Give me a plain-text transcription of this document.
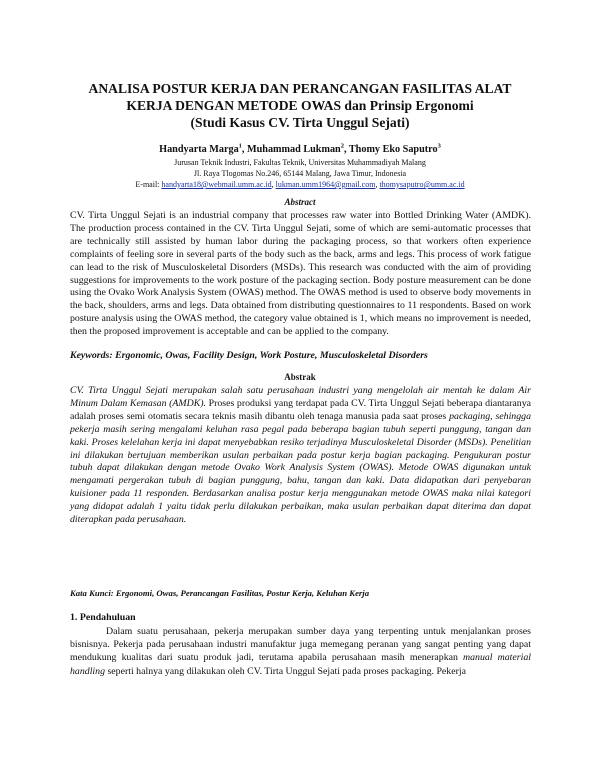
ANALISA POSTUR KERJA DAN PERANCANGAN FASILITAS ALAT
KERJA DENGAN METODE OWAS dan Prinsip Ergonomi
(Studi Kasus CV. Tirta Unggul Sejati)
Handyarta Marga$^1$, Muhammad Lukman$^2$, Thomy Eko Saputro$^3$
Jurusan Teknik Industri, Fakultas Teknik, Universitas Muhammadiyah Malang
Jl. Raya Tlogomas No.246, 65144 Malang, Jawa Timur, Indonesia
E-mail: handyarta18@webmail.umm.ac.id, lukman.umm1964@gmail.com, thomysaputro@umm.ac.id
Abstract
CV. Tirta Unggul Sejati is an industrial company that processes raw water into Bottled Drinking Water (AMDK). The production process contained in the CV. Tirta Unggul Sejati, some of which are semi-automatic processes that are technically still assisted by human labor during the packaging process, so that workers often experience complaints of feeling sore in several parts of the body such as the back, arms and legs. This process of work fatigue can lead to the risk of Musculoskeletal Disorders (MSDs). This research was conducted with the aim of providing suggestions for improvements to the work posture of the packaging section. Body posture measurement can be done using the Ovako Work Analysis System (OWAS) method. The OWAS method is used to observe body movements in the back, shoulders, arms and legs. Data obtained from distributing questionnaires to 11 respondents. Based on work posture analysis using the OWAS method, the category value obtained is 1, which means no improvement is needed, then the proposed improvement is acceptable and can be applied to the company.
Keywords: Ergonomic, Owas, Facility Design, Work Posture, Musculoskeletal Disorders
Abstrak
CV. Tirta Unggul Sejati merupakan salah satu perusahaan industri yang mengelolah air mentah ke dalam Air Minum Dalam Kemasan (AMDK). Proses produksi yang terdapat pada CV. Tirta Unggul Sejati beberapa diantaranya adalah proses semi otomatis secara teknis masih dibantu oleh tenaga manusia pada saat proses packaging, sehingga pekerja masih sering mengalami keluhan rasa pegal pada beberapa bagian tubuh seperti punggung, tangan dan kaki. Proses kelelahan kerja ini dapat menyebabkan resiko terjadinya Musculoskeletal Disorder (MSDs). Penelitian ini dilakukan bertujuan memberikan usulan perbaikan pada postur kerja bagian packaging. Pengukuran postur tubuh dapat dilakukan dengan metode Ovako Work Analysis System (OWAS). Metode OWAS digunakan untuk mengamati pergerakan tubuh di bagian punggung, bahu, tangan dan kaki. Data didapatkan dari penyebaran kuisioner pada 11 responden. Berdasarkan analisa postur kerja menggunakan metode OWAS maka nilai kategori yang didapat adalah 1 yaitu tidak perlu dilakukan perbaikan, maka usulan perbaikan dapat diterima dan dapat diterapkan pada perusahaan.
Kata Kunci: Ergonomi, Owas, Perancangan Fasilitas, Postur Kerja, Keluhan Kerja
1. Pendahuluan
Dalam suatu perusahaan, pekerja merupakan sumber daya yang terpenting untuk menjalankan proses bisnisnya. Pekerja pada perusahaan industri manufaktur juga memegang peranan yang sangat penting yang dapat mendukung kualitas dari suatu produk jadi, terutama apabila perusahaan masih menerapkan manual material handling seperti halnya yang dilakukan oleh CV. Tirta Unggul Sejati pada proses packaging. Pekerja
